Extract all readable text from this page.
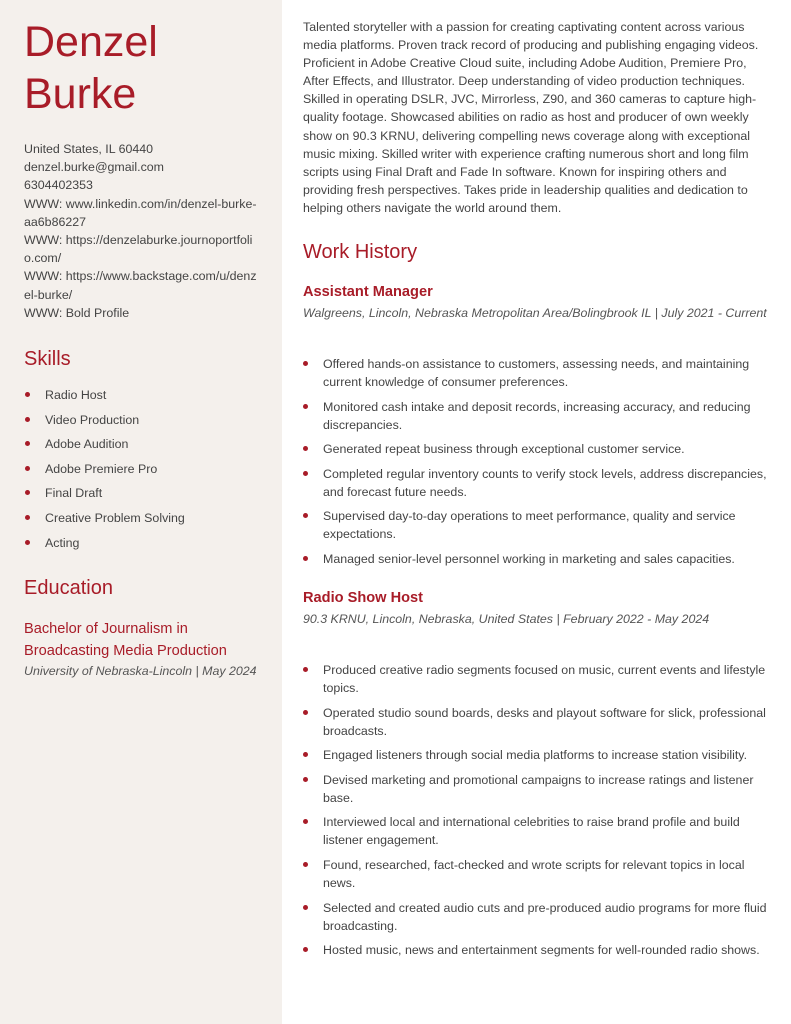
Denzel
Burke
United States, IL 60440
denzel.burke@gmail.com
6304402353
WWW: www.linkedin.com/in/denzel-burke-aa6b86227
WWW: https://denzelaburke.journoportfolio.com/
WWW: https://www.backstage.com/u/denzel-burke/
WWW: Bold Profile
Skills
Radio Host
Video Production
Adobe Audition
Adobe Premiere Pro
Final Draft
Creative Problem Solving
Acting
Education
Bachelor of Journalism in Broadcasting Media Production
University of Nebraska-Lincoln | May 2024

Talented storyteller with a passion for creating captivating content across various media platforms. Proven track record of producing and publishing engaging videos. Proficient in Adobe Creative Cloud suite, including Adobe Audition, Premiere Pro, After Effects, and Illustrator. Deep understanding of video production techniques. Skilled in operating DSLR, JVC, Mirrorless, Z90, and 360 cameras to capture high-quality footage. Showcased abilities on radio as host and producer of own weekly show on 90.3 KRNU, delivering compelling news coverage along with exceptional music mixing. Skilled writer with experience crafting numerous short and long film scripts using Final Draft and Fade In software. Known for inspiring others and providing fresh perspectives. Takes pride in leadership qualities and dedication to helping others navigate the world around them.

Work History
Assistant Manager
Walgreens, Lincoln, Nebraska Metropolitan Area/Bolingbrook IL | July 2021 - Current
Offered hands-on assistance to customers, assessing needs, and maintaining current knowledge of consumer preferences.
Monitored cash intake and deposit records, increasing accuracy, and reducing discrepancies.
Generated repeat business through exceptional customer service.
Completed regular inventory counts to verify stock levels, address discrepancies, and forecast future needs.
Supervised day-to-day operations to meet performance, quality and service expectations.
Managed senior-level personnel working in marketing and sales capacities.
Radio Show Host
90.3 KRNU, Lincoln, Nebraska, United States | February 2022 - May 2024
Produced creative radio segments focused on music, current events and lifestyle topics.
Operated studio sound boards, desks and playout software for slick, professional broadcasts.
Engaged listeners through social media platforms to increase station visibility.
Devised marketing and promotional campaigns to increase ratings and listener base.
Interviewed local and international celebrities to raise brand profile and build listener engagement.
Found, researched, fact-checked and wrote scripts for relevant topics in local news.
Selected and created audio cuts and pre-produced audio programs for more fluid broadcasting.
Hosted music, news and entertainment segments for well-rounded radio shows.
